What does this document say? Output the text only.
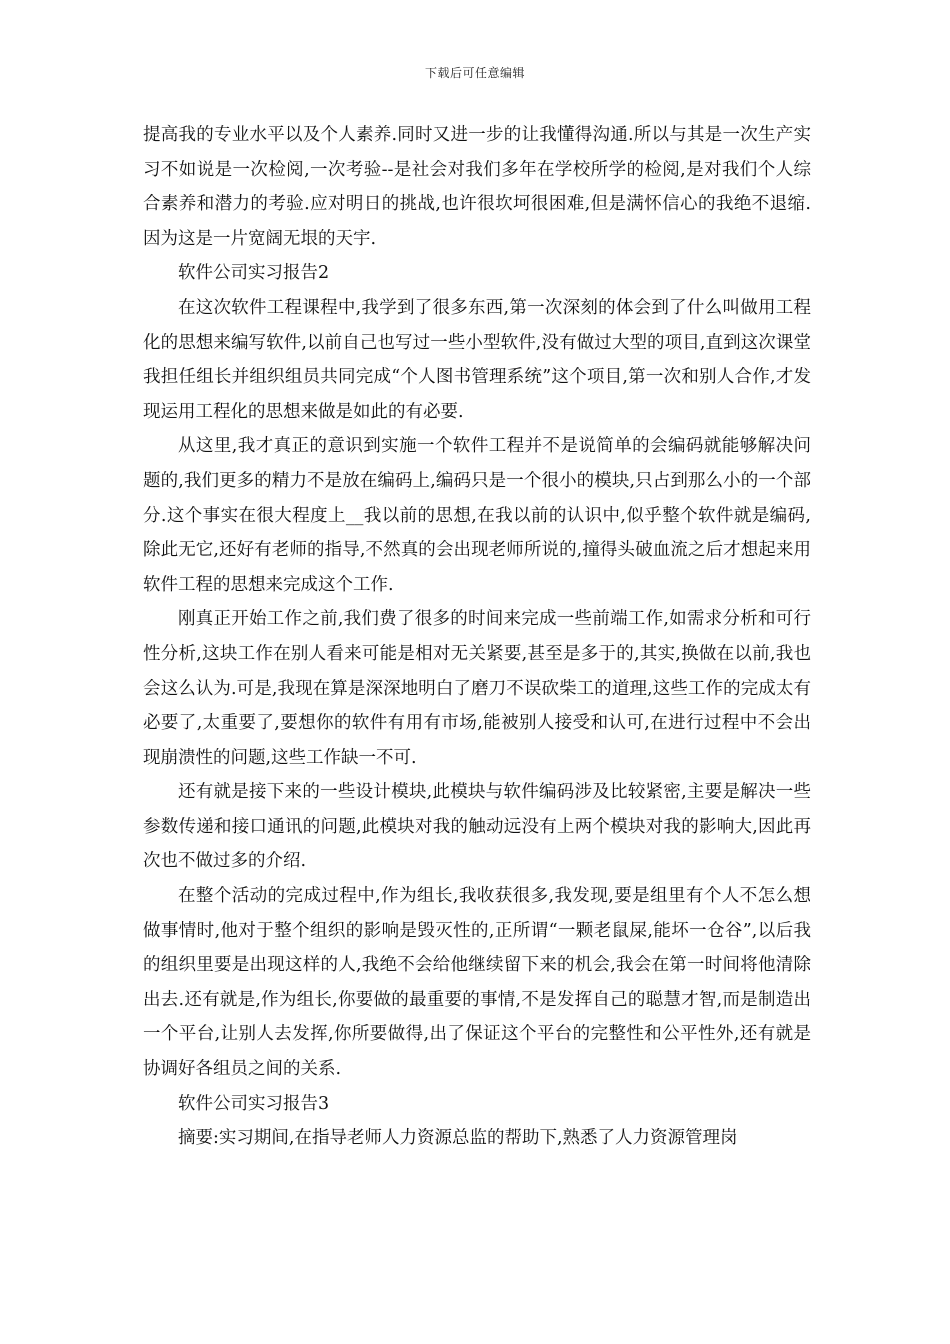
下载后可任意编辑

提高我的专业水平以及个人素养.同时又进一步的让我懂得沟通.所以与其是一次生产实习不如说是一次检阅,一次考验--是社会对我们多年在学校所学的检阅,是对我们个人综合素养和潜力的考验.应对明日的挑战,也许很坎坷很困难,但是满怀信心的我绝不退缩.因为这是一片宽阔无垠的天宇.

软件公司实习报告2

在这次软件工程课程中,我学到了很多东西,第一次深刻的体会到了什么叫做用工程化的思想来编写软件,以前自己也写过一些小型软件,没有做过大型的项目,直到这次课堂我担任组长并组织组员共同完成“个人图书管理系统”这个项目,第一次和别人合作,才发现运用工程化的思想来做是如此的有必要.

从这里,我才真正的意识到实施一个软件工程并不是说简单的会编码就能够解决问题的,我们更多的精力不是放在编码上,编码只是一个很小的模块,只占到那么小的一个部分.这个事实在很大程度上__我以前的思想,在我以前的认识中,似乎整个软件就是编码,除此无它,还好有老师的指导,不然真的会出现老师所说的,撞得头破血流之后才想起来用软件工程的思想来完成这个工作.

刚真正开始工作之前,我们费了很多的时间来完成一些前端工作,如需求分析和可行性分析,这块工作在别人看来可能是相对无关紧要,甚至是多于的,其实,换做在以前,我也会这么认为.可是,我现在算是深深地明白了磨刀不误砍柴工的道理,这些工作的完成太有必要了,太重要了,要想你的软件有用有市场,能被别人接受和认可,在进行过程中不会出现崩溃性的问题,这些工作缺一不可.

还有就是接下来的一些设计模块,此模块与软件编码涉及比较紧密,主要是解决一些参数传递和接口通讯的问题,此模块对我的触动远没有上两个模块对我的影响大,因此再次也不做过多的介绍.

在整个活动的完成过程中,作为组长,我收获很多,我发现,要是组里有个人不怎么想做事情时,他对于整个组织的影响是毁灭性的,正所谓“一颗老鼠屎,能坏一仓谷”,以后我的组织里要是出现这样的人,我绝不会给他继续留下来的机会,我会在第一时间将他清除出去.还有就是,作为组长,你要做的最重要的事情,不是发挥自己的聪慧才智,而是制造出一个平台,让别人去发挥,你所要做得,出了保证这个平台的完整性和公平性外,还有就是协调好各组员之间的关系.

软件公司实习报告3

摘要:实习期间,在指导老师人力资源总监的帮助下,熟悉了人力资源管理岗
